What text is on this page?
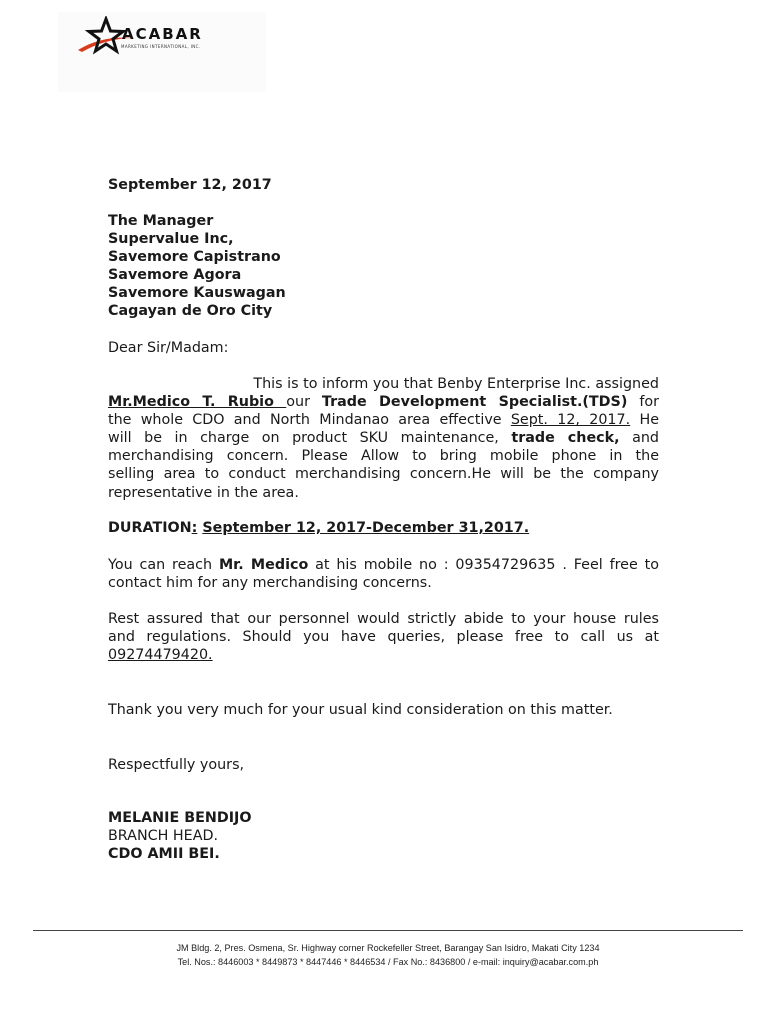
ACABAR
MARKETING INTERNATIONAL, INC.
September 12, 2017
The Manager
Supervalue Inc,
Savemore Capistrano
Savemore Agora
Savemore Kauswagan
Cagayan de Oro City
Dear Sir/Madam:
This is to inform you that Benby Enterprise Inc. assigned
Mr.Medico T. Rubio our Trade Development Specialist.(TDS) for
the whole CDO and North Mindanao area effective Sept. 12, 2017. He
will be in charge on product SKU maintenance, trade check, and
merchandising concern. Please Allow to bring mobile phone in the
selling area to conduct merchandising concern.He will be the company
representative in the area.
DURATION: September 12, 2017-December 31,2017.
You can reach Mr. Medico at his mobile no : 09354729635 . Feel free to
contact him for any merchandising concerns.
Rest assured that our personnel would strictly abide to your house rules
and regulations. Should you have queries, please free to call us at
09274479420.
Thank you very much for your usual kind consideration on this matter.
Respectfully yours,
MELANIE BENDIJO
BRANCH HEAD.
CDO AMII BEI.
JM Bldg. 2, Pres. Osmena, Sr. Highway corner Rockefeller Street, Barangay San Isidro, Makati City 1234
Tel. Nos.: 8446003 * 8449873 * 8447446 * 8446534 / Fax No.: 8436800 / e-mail: inquiry@acabar.com.ph
